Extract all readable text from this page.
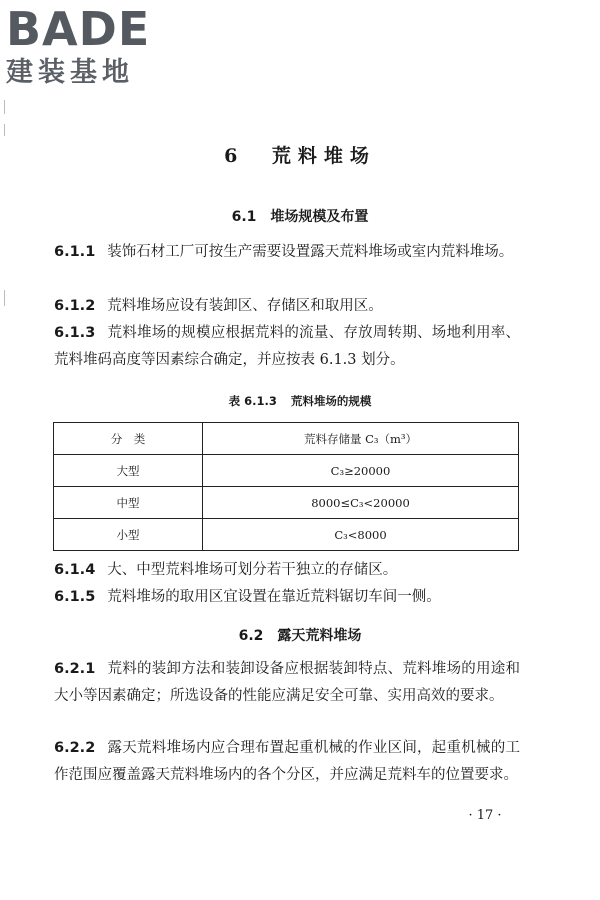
BADE
建装基地
6 荒料堆场
6.1 堆场规模及布置
6.1.1 装饰石材工厂可按生产需要设置露天荒料堆场或室内荒料堆场。
6.1.2 荒料堆场应设有装卸区、存储区和取用区。
6.1.3 荒料堆场的规模应根据荒料的流量、存放周转期、场地利用率、荒料堆码高度等因素综合确定，并应按表 6.1.3 划分。
表 6.1.3 荒料堆场的规模
分　类	荒料存储量 C₃（m³）
大型	C₃≥20000
中型	8000≤C₃<20000
小型	C₃<8000
6.1.4 大、中型荒料堆场可划分若干独立的存储区。
6.1.5 荒料堆场的取用区宜设置在靠近荒料锯切车间一侧。
6.2 露天荒料堆场
6.2.1 荒料的装卸方法和装卸设备应根据装卸特点、荒料堆场的用途和大小等因素确定；所选设备的性能应满足安全可靠、实用高效的要求。
6.2.2 露天荒料堆场内应合理布置起重机械的作业区间，起重机械的工作范围应覆盖露天荒料堆场内的各个分区，并应满足荒料车的位置要求。
· 17 ·
